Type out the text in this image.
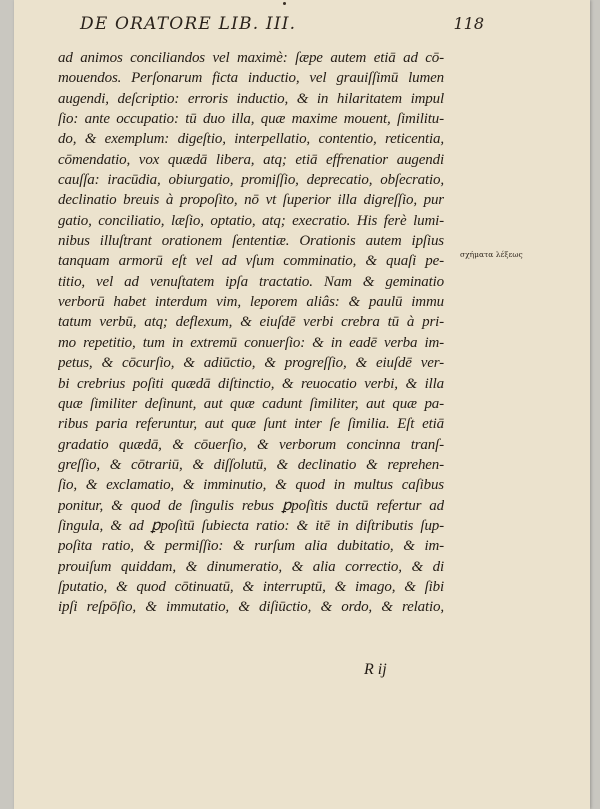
DE ORATORE LIB. III.	118
ad animos conciliandos vel maximè: ſæpe autem etiā ad cō-
mouendos. Perſonarum ficta inductio, vel grauiſſimū lumen
augendi, deſcriptio: erroris inductio, & in hilaritatem impul
ſio: ante occupatio: tū duo illa, quæ maxime mouent, ſimilitu-
do, & exemplum: digeſtio, interpellatio, contentio, reticentia,
cōmendatio, vox quædā libera, atq; etiā effrenatior augendi
cauſſa: iracūdia, obiurgatio, promiſſio, deprecatio, obſecratio,
declinatio breuis à propoſito, nō vt ſuperior illa digreſſio, pur
gatio, conciliatio, læſio, optatio, atq; execratio. His ferè lumi-
nibus illuſtrant orationem ſententiæ. Orationis autem ipſius
tanquam armorū eſt vel ad vſum comminatio, & quaſi pe-
titio, vel ad venuſtatem ipſa tractatio. Nam & geminatio
verborū habet interdum vim, leporem aliâs: & paulū immu
tatum verbū, atq; deflexum, & eiuſdē verbi crebra tū à pri-
mo repetitio, tum in extremū conuerſio: & in eadē verba im-
petus, & cōcurſio, & adiūctio, & progreſſio, & eiuſdē ver-
bi crebrius poſiti quædā diſtinctio, & reuocatio verbi, & illa
quæ ſimiliter deſinunt, aut quæ cadunt ſimiliter, aut quæ pa-
ribus paria referuntur, aut quæ ſunt inter ſe ſimilia. Eſt etiā
gradatio quædā, & cōuerſio, & verborum concinna tranſ-
greſſio, & cōtrariū, & diſſolutū, & declinatio & reprehen-
ſio, & exclamatio, & imminutio, & quod in multus caſibus
ponitur, & quod de ſingulis rebus ꝑpoſitis ductū refertur ad
ſingula, & ad ꝑpoſitū ſubiecta ratio: & itē in diſtributis ſup-
poſita ratio, & permiſſio: & rurſum alia dubitatio, & im-
prouiſum quiddam, & dinumeratio, & alia correctio, & di
ſputatio, & quod cōtinuatū, & interruptū, & imago, & ſibi
ipſi reſpōſio, & immutatio, & diſiūctio, & ordo, & relatio,
σχήματα λέξεως
R ij
